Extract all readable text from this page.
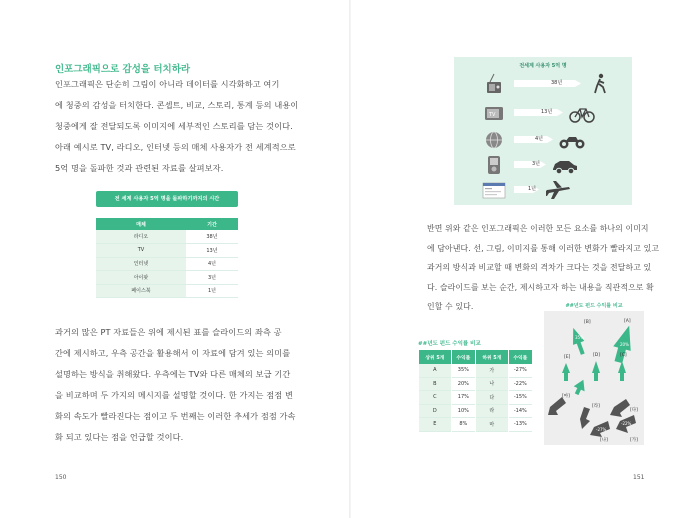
인포그래픽으로 감성을 터치하라

인포그래픽은 단순히 그림이 아니라 데이터를 시각화하고 여기

에 청중의 감성을 터치한다. 콘셉트, 비교, 스토리, 통계 등의 내용이

청중에게 잘 전달되도록 이미지에 세부적인 스토리를 담는 것이다.

아래 예시로 TV, 라디오, 인터넷 등의 매체 사용자가 전 세계적으로

5억 명을 돌파한 것과 관련된 자료를 살펴보자.

전 세계 사용자 5억 명을 돌파하기까지의 시간
매체	기간
라디오	38년
TV	13년
인터넷	4년
아이팟	3년
페이스북	1년

과거의 많은 PT 자료들은 위에 제시된 표를 슬라이드의 좌측 공

간에 제시하고, 우측 공간을 활용해서 이 자료에 담겨 있는 의미를

설명하는 방식을 취해왔다. 우측에는 TV와 다른 매체의 보급 기간

을 비교하며 두 가지의 메시지를 설명할 것이다. 한 가지는 점점 변

화의 속도가 빨라진다는 점이고 두 번째는 이러한 추세가 점점 가속

화 되고 있다는 점을 언급할 것이다.

150
전세계 사용자 5억 명
38년
TV	13년
4년
3년
1년

반면 위와 같은 인포그래픽은 이러한 모든 요소를 하나의 이미지

에 담아낸다. 선, 그림, 이미지를 통해 이러한 변화가 빨라지고 있고

과거의 방식과 비교할 때 변화의 격차가 크다는 것을 전달하고 있

다. 슬라이드를 보는 순간, 제시하고자 하는 내용을 직관적으로 확

인할 수 있다.

##년도 펀드 수익률 비교
상위 5개	수익률	하위 5개	수익률
A	35%	가	-27%
B	20%	나	-22%
C	17%	다	-15%
D	10%	라	-14%
E	8%	마	-13%
##년도 펀드 수익률 비교
[B]	[A]
[E]	[D]	[C]
[마]
[라]
[다]
[나]	[가]
35%
20%
-27%
-22%
151
